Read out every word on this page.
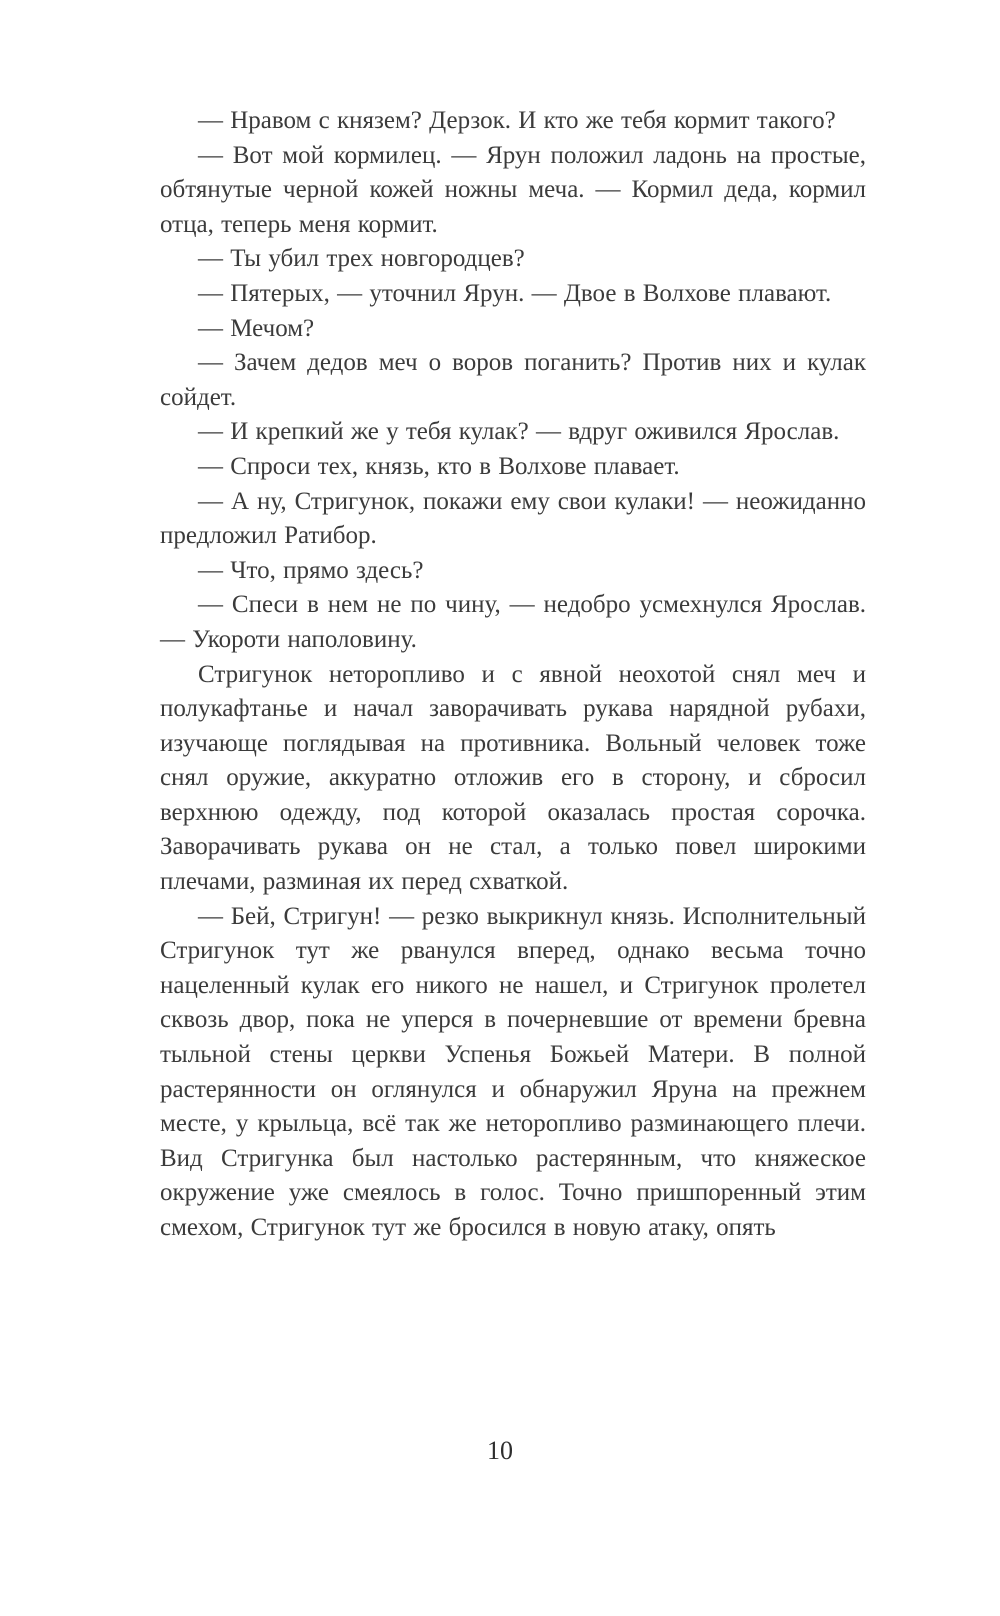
— Нравом с князем? Дерзок. И кто же тебя кормит такого?

— Вот мой кормилец. — Ярун положил ладонь на простые, обтянутые черной кожей ножны меча. — Кормил деда, кормил отца, теперь меня кормит.

— Ты убил трех новгородцев?

— Пятерых, — уточнил Ярун. — Двое в Волхове плавают.

— Мечом?

— Зачем дедов меч о воров поганить? Против них и кулак сойдет.

— И крепкий же у тебя кулак? — вдруг оживился Ярослав.

— Спроси тех, князь, кто в Волхове плавает.

— А ну, Стригунок, покажи ему свои кулаки! — неожиданно предложил Ратибор.

— Что, прямо здесь?

— Спеси в нем не по чину, — недобро усмехнулся Ярослав. — Укороти наполовину.

Стригунок неторопливо и с явной неохотой снял меч и полукафтанье и начал заворачивать рукава нарядной рубахи, изучающе поглядывая на противника. Вольный человек тоже снял оружие, аккуратно отложив его в сторону, и сбросил верхнюю одежду, под которой оказалась простая сорочка. Заворачивать рукава он не стал, а только повел широкими плечами, разминая их перед схваткой.

— Бей, Стригун! — резко выкрикнул князь. Исполнительный Стригунок тут же рванулся вперед, однако весьма точно нацеленный кулак его никого не нашел, и Стригунок пролетел сквозь двор, пока не уперся в почерневшие от времени бревна тыльной стены церкви Успенья Божьей Матери. В полной растерянности он оглянулся и обнаружил Яруна на прежнем месте, у крыльца, всё так же неторопливо разминающего плечи. Вид Стригунка был настолько растерянным, что княжеское окружение уже смеялось в голос. Точно пришпоренный этим смехом, Стригунок тут же бросился в новую атаку, опять

10
